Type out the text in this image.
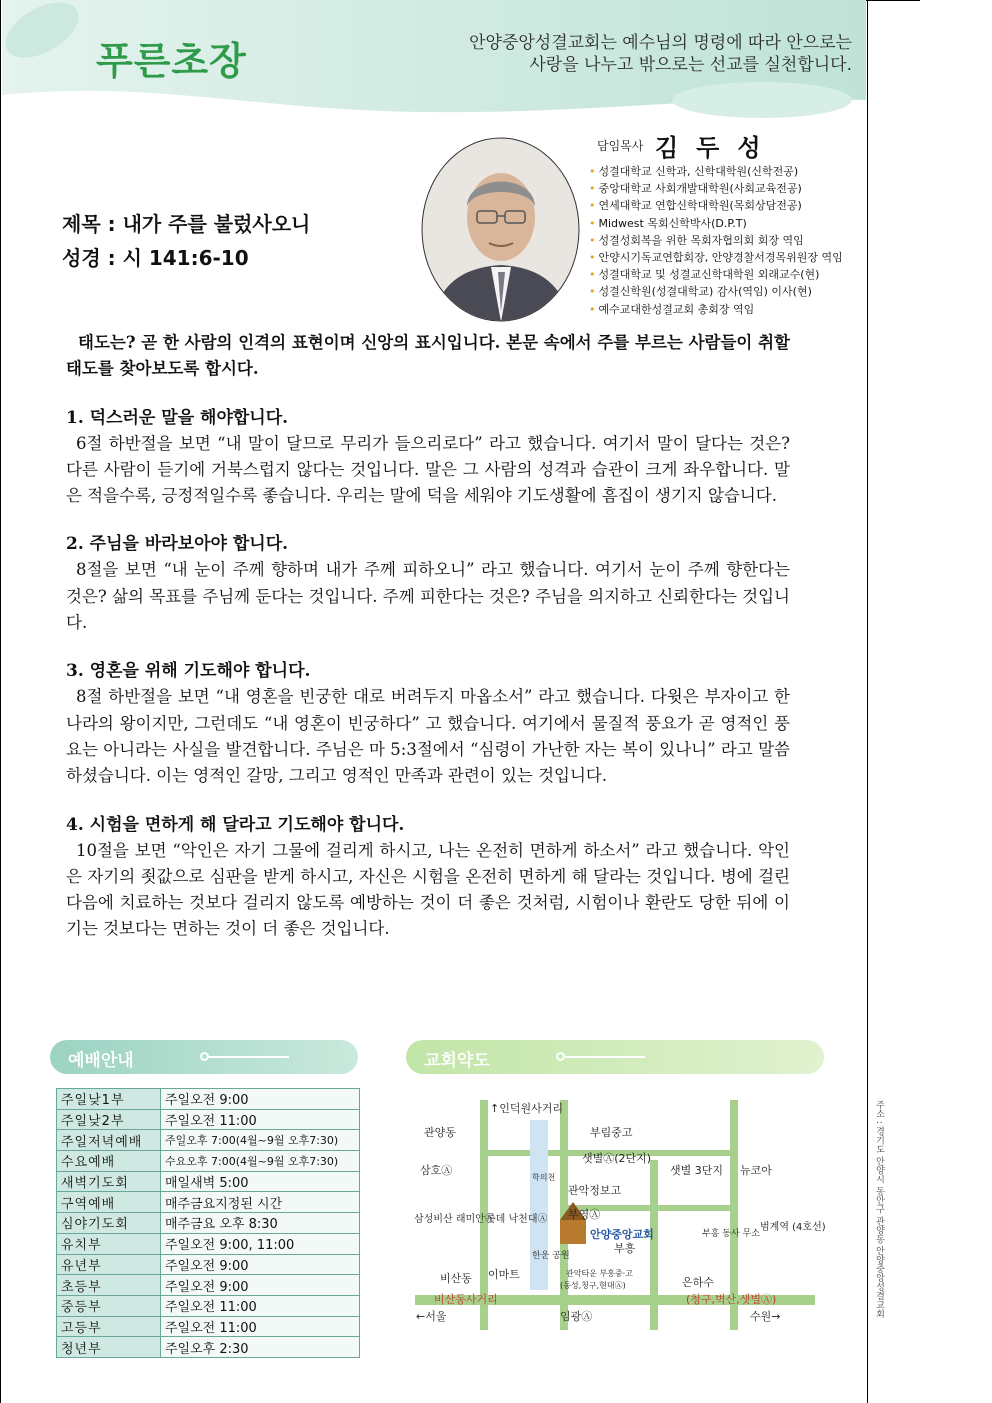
푸른초장	안양중앙성결교회는 예수님의 명령에 따라 안으로는
사랑을 나누고 밖으로는 선교를 실천합니다.
담임목사 김두성
• 성결대학교 신학과, 신학대학원(신학전공)
• 중앙대학교 사회개발대학원(사회교육전공)
• 연세대학교 연합신학대학원(목회상담전공)
• Midwest 목회신학박사(D.P.T)
• 성결성회복을 위한 목회자협의회 회장 역임
• 안양시기독교연합회장, 안양경찰서경목위원장 역임
• 성결대학교 및 성결교신학대학원 외래교수(현)
• 성결신학원(성결대학교) 감사(역임) 이사(현)
• 예수교대한성결교회 총회장 역임
제목 : 내가 주를 불렀사오니
성경 : 시 141:6-10

태도는? 곧 한 사람의 인격의 표현이며 신앙의 표시입니다. 본문 속에서 주를 부르는 사람들이 취할 태도를 찾아보도록 합시다.

1. 덕스러운 말을 해야합니다.

6절 하반절을 보면 “내 말이 달므로 무리가 들으리로다” 라고 했습니다. 여기서 말이 달다는 것은? 다른 사람이 듣기에 거북스럽지 않다는 것입니다. 말은 그 사람의 성격과 습관이 크게 좌우합니다. 말은 적을수록, 긍정적일수록 좋습니다. 우리는 말에 덕을 세워야 기도생활에 흠집이 생기지 않습니다.

2. 주님을 바라보아야 합니다.

8절을 보면 “내 눈이 주께 향하며 내가 주께 피하오니” 라고 했습니다. 여기서 눈이 주께 향한다는 것은? 삶의 목표를 주님께 둔다는 것입니다. 주께 피한다는 것은? 주님을 의지하고 신뢰한다는 것입니다.

3. 영혼을 위해 기도해야 합니다.

8절 하반절을 보면 “내 영혼을 빈궁한 대로 버려두지 마옵소서” 라고 했습니다. 다윗은 부자이고 한 나라의 왕이지만, 그런데도 “내 영혼이 빈궁하다” 고 했습니다. 여기에서 물질적 풍요가 곧 영적인 풍요는 아니라는 사실을 발견합니다. 주님은 마 5:3절에서 “심령이 가난한 자는 복이 있나니” 라고 말씀하셨습니다. 이는 영적인 갈망, 그리고 영적인 만족과 관련이 있는 것입니다.

4. 시험을 면하게 해 달라고 기도해야 합니다.

10절을 보면 “악인은 자기 그물에 걸리게 하시고, 나는 온전히 면하게 하소서” 라고 했습니다. 악인은 자기의 죗값으로 심판을 받게 하시고, 자신은 시험을 온전히 면하게 해 달라는 것입니다. 병에 걸린 다음에 치료하는 것보다 걸리지 않도록 예방하는 것이 더 좋은 것처럼, 시험이나 환란도 당한 뒤에 이기는 것보다는 면하는 것이 더 좋은 것입니다.

예배안내
주일낮1부	주일오전 9:00
주일낮2부	주일오전 11:00
주일저녁예배	주일오후 7:00(4월~9월 오후7:30)
수요예배	수요오후 7:00(4월~9월 오후7:30)
새벽기도회	매일새벽 5:00
구역예배	매주금요지정된 시간
심야기도회	매주금요 오후 8:30
유치부	주일오전 9:00, 11:00
유년부	주일오전 9:00
초등부	주일오전 9:00
중등부	주일오전 11:00
고등부	주일오전 11:00
청년부	주일오후 2:30
교회약도
↑인덕원사거리
관양동	부림중고
샛별Ⓐ(2단지)
샛별 3단지
삼호Ⓐ
학의천
뉴코아
관악정보고
삼성비산 래미안Ⓐ
롯데 낙천대Ⓐ 부영Ⓐ
안양중앙교회
부흥
한운 공원
부흥 동사 무소
범계역 (4호선)
비산동 이마트	관악타운 부흥중·고
(동성,청구,현대Ⓐ)	은하수
비산동사거리	(청구,벽산,샛별Ⓐ)
←서울	임광Ⓐ	수원→	주소 : 경기도 안양시 동안구 관양동 안양중앙성결교회
